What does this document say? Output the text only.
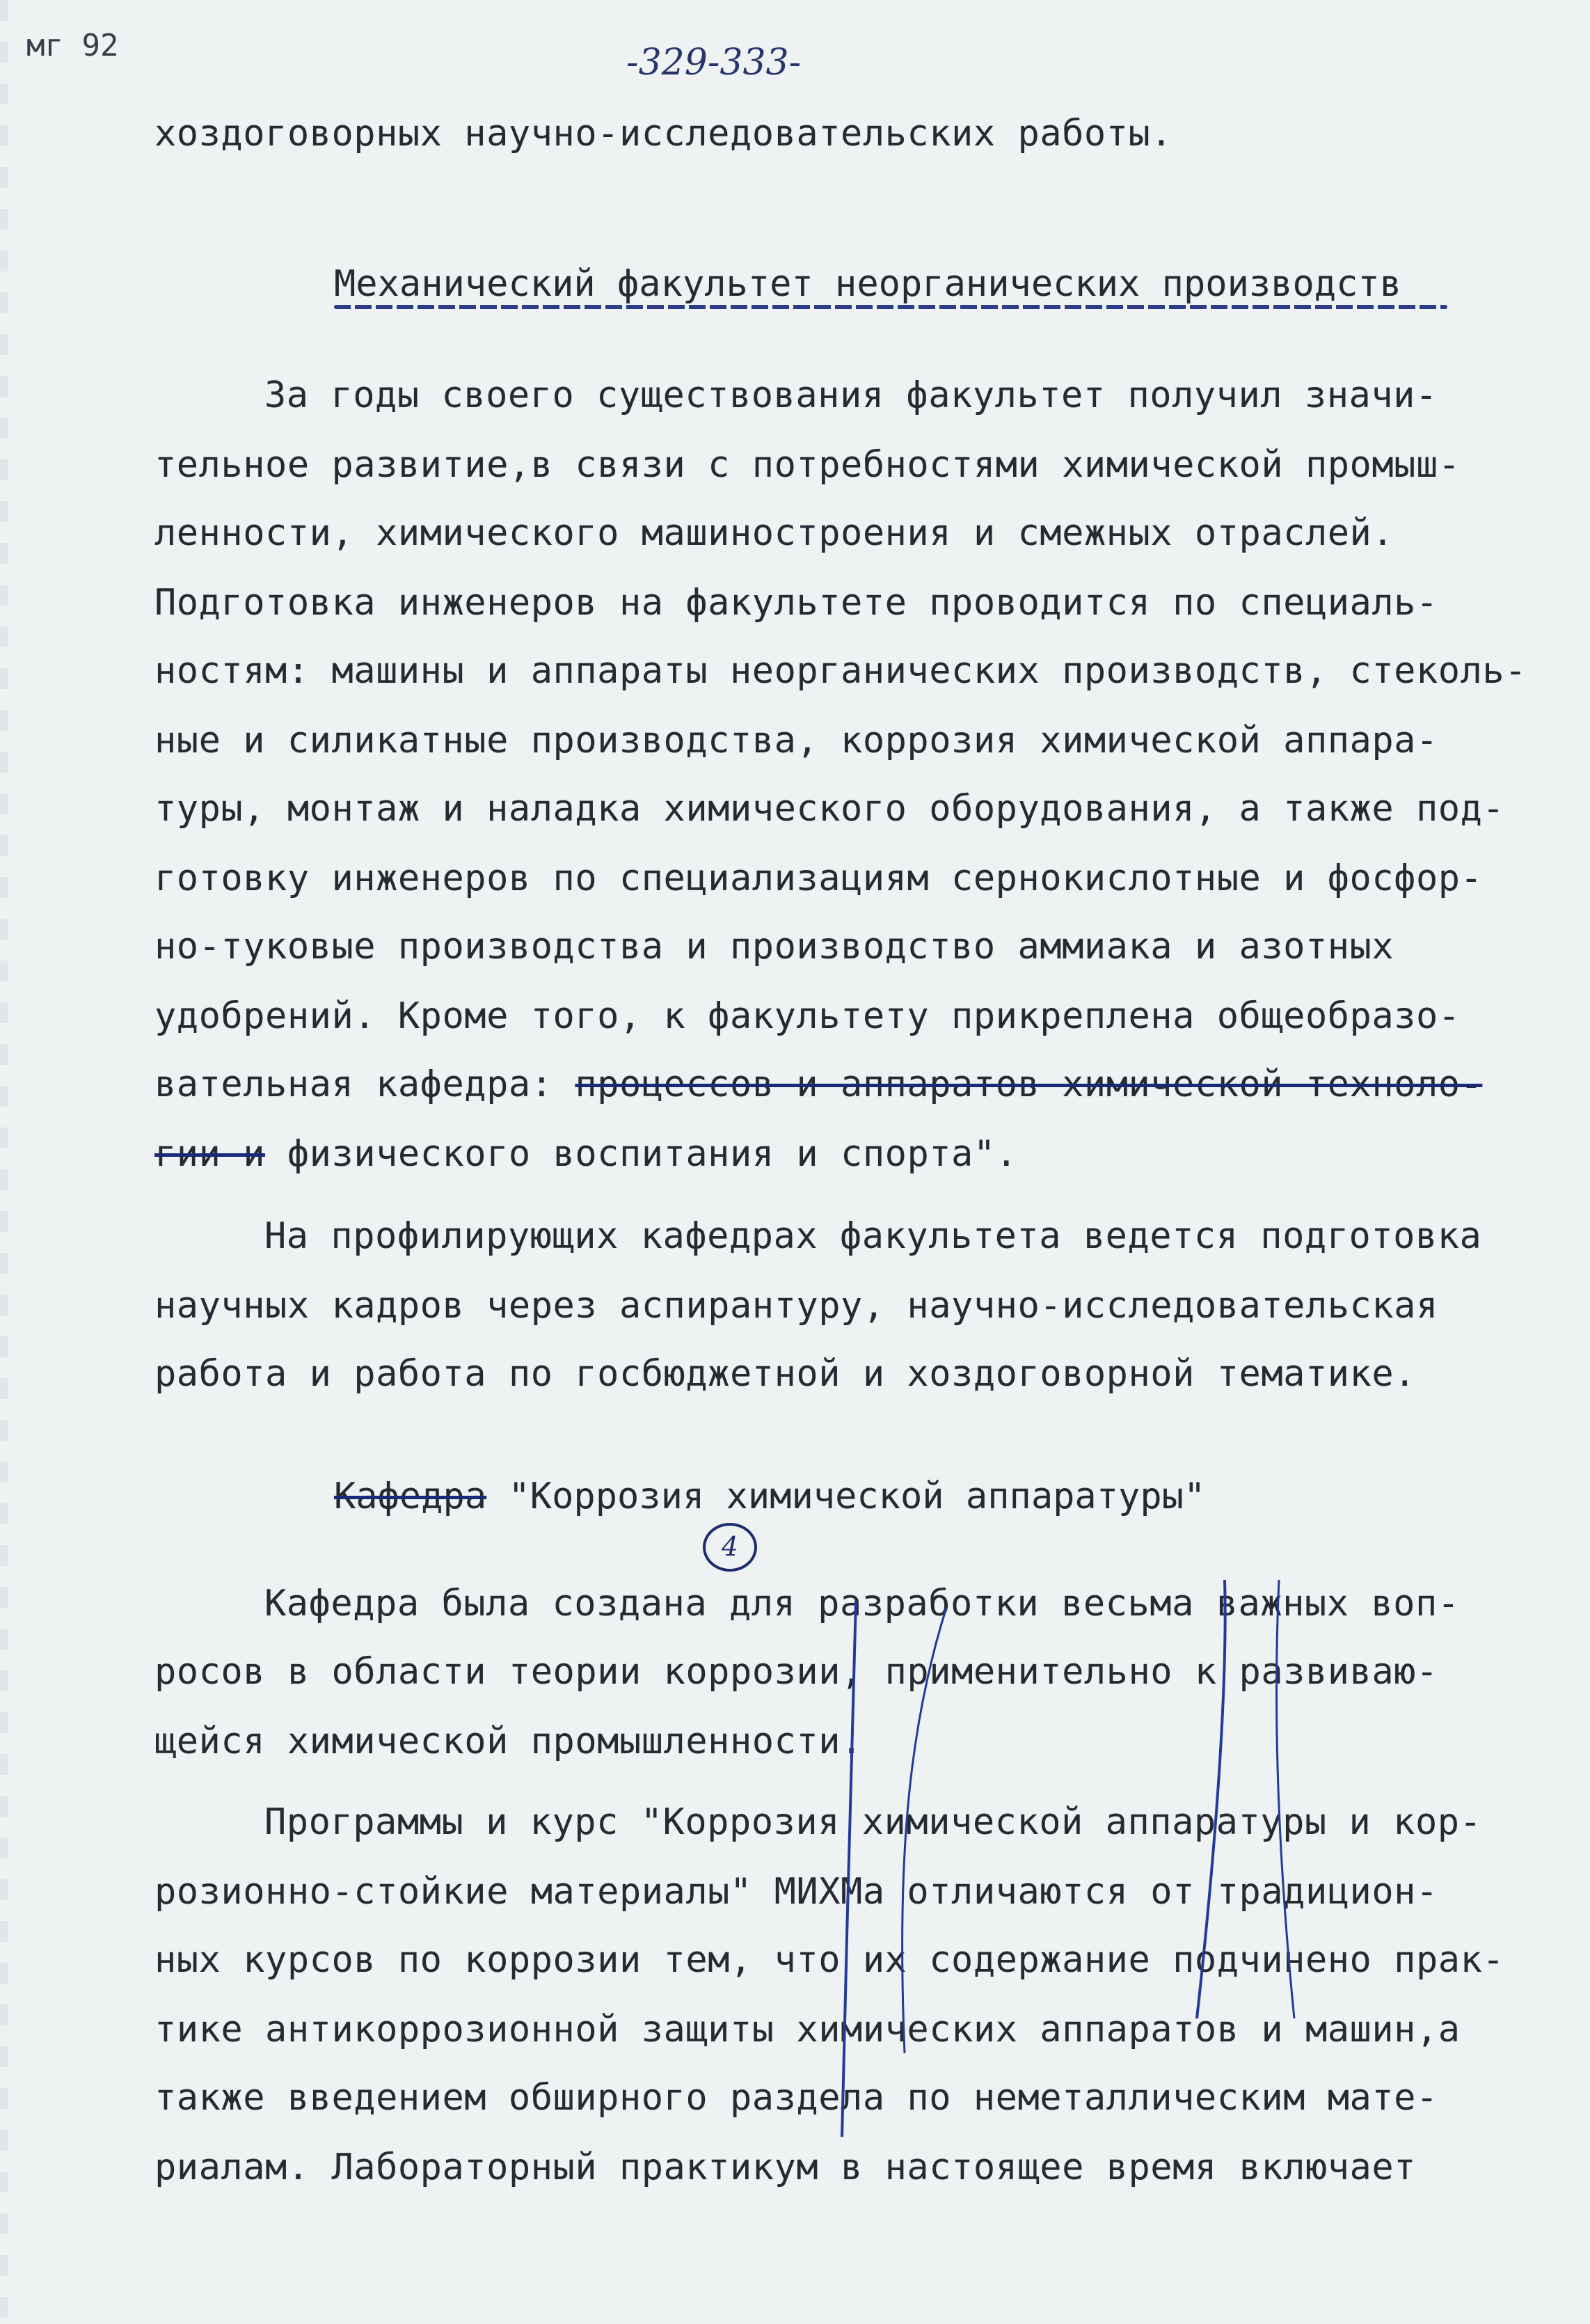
мг 92	-329-333-
хоздоговорных научно-исследовательских работы.
Механический факультет неорганических производств
За годы своего существования факультет получил значи-
тельное развитие,в связи с потребностями химической промыш-
ленности, химического машиностроения и смежных отраслей.
Подготовка инженеров на факультете проводится по специаль-
ностям: машины и аппараты неорганических производств, стеколь-
ные и силикатные производства, коррозия химической аппара-
туры, монтаж и наладка химического оборудования, а также под-
готовку инженеров по специализациям сернокислотные и фосфор-
но-туковые производства и производство аммиака и азотных
удобрений. Кроме того, к факультету прикреплена общеобразо-
вательная кафедра: процессов и аппаратов химической техноло-
гии и физического воспитания и спорта".
На профилирующих кафедрах факультета ведется подготовка
научных кадров через аспирантуру, научно-исследовательская
работа и работа по госбюджетной и хоздоговорной тематике.
Кафедра "Коррозия химической аппаратуры"
4
Кафедра была создана для разработки весьма важных воп-
росов в области теории коррозии, применительно к развиваю-
щейся химической промышленности.
Программы и курс "Коррозия химической аппаратуры и кор-
розионно-стойкие материалы" МИХМа отличаются от традицион-
ных курсов по коррозии тем, что их содержание подчинено прак-
тике антикоррозионной защиты химических аппаратов и машин,а
также введением обширного раздела по неметаллическим мате-
риалам. Лабораторный практикум в настоящее время включает
